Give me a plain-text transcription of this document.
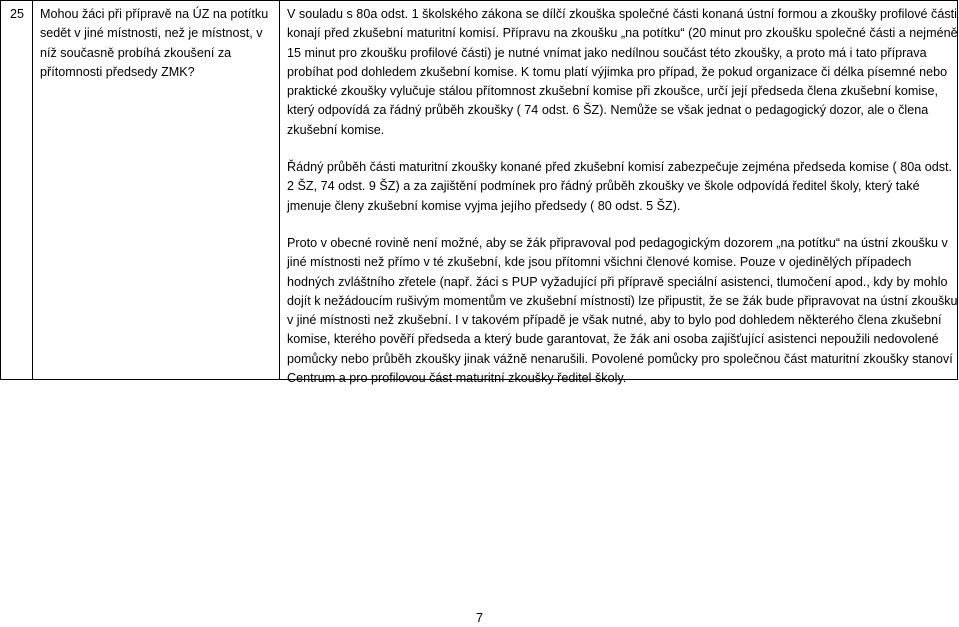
25	Mohou žáci při přípravě na ÚZ na potítku sedět v jiné místnosti, než je místnost, v níž současně probíhá zkoušení za přítomnosti předsedy ZMK?

V souladu s 80a odst. 1 školského zákona se dílčí zkouška společné části konaná ústní formou a zkoušky profilové části konají před zkušební maturitní komisí. Přípravu na zkoušku „na potítku“ (20 minut pro zkoušku společné části a nejméně 15 minut pro zkoušku profilové části) je nutné vnímat jako nedílnou součást této zkoušky, a proto má i tato příprava probíhat pod dohledem zkušební komise. K tomu platí výjimka pro případ, že pokud organizace či délka písemné nebo praktické zkoušky vylučuje stálou přítomnost zkušební komise při zkoušce, určí její předseda člena zkušební komise, který odpovídá za řádný průběh zkoušky ( 74 odst. 6 ŠZ). Nemůže se však jednat o pedagogický dozor, ale o člena zkušební komise.

Řádný průběh části maturitní zkoušky konané před zkušební komisí zabezpečuje zejména předseda komise ( 80a odst. 2 ŠZ, 74 odst. 9 ŠZ) a za zajištění podmínek pro řádný průběh zkoušky ve škole odpovídá ředitel školy, který také jmenuje členy zkušební komise vyjma jejího předsedy ( 80 odst. 5 ŠZ).

Proto v obecné rovině není možné, aby se žák připravoval pod pedagogickým dozorem „na potítku“ na ústní zkoušku v jiné místnosti než přímo v té zkušební, kde jsou přítomni všichni členové komise. Pouze v ojedinělých případech hodných zvláštního zřetele (např. žáci s PUP vyžadující při přípravě speciální asistenci, tlumočení apod., kdy by mohlo dojít k nežádoucím rušivým momentům ve zkušební místnosti) lze připustit, že se žák bude připravovat na ústní zkoušku v jiné místnosti než zkušební. I v takovém případě je však nutné, aby to bylo pod dohledem některého člena zkušební komise, kterého pověří předseda a který bude garantovat, že žák ani osoba zajišťující asistenci nepoužili nedovolené pomůcky nebo průběh zkoušky jinak vážně nenarušili. Povolené pomůcky pro společnou část maturitní zkoušky stanoví Centrum a pro profilovou část maturitní zkoušky ředitel školy.

7
